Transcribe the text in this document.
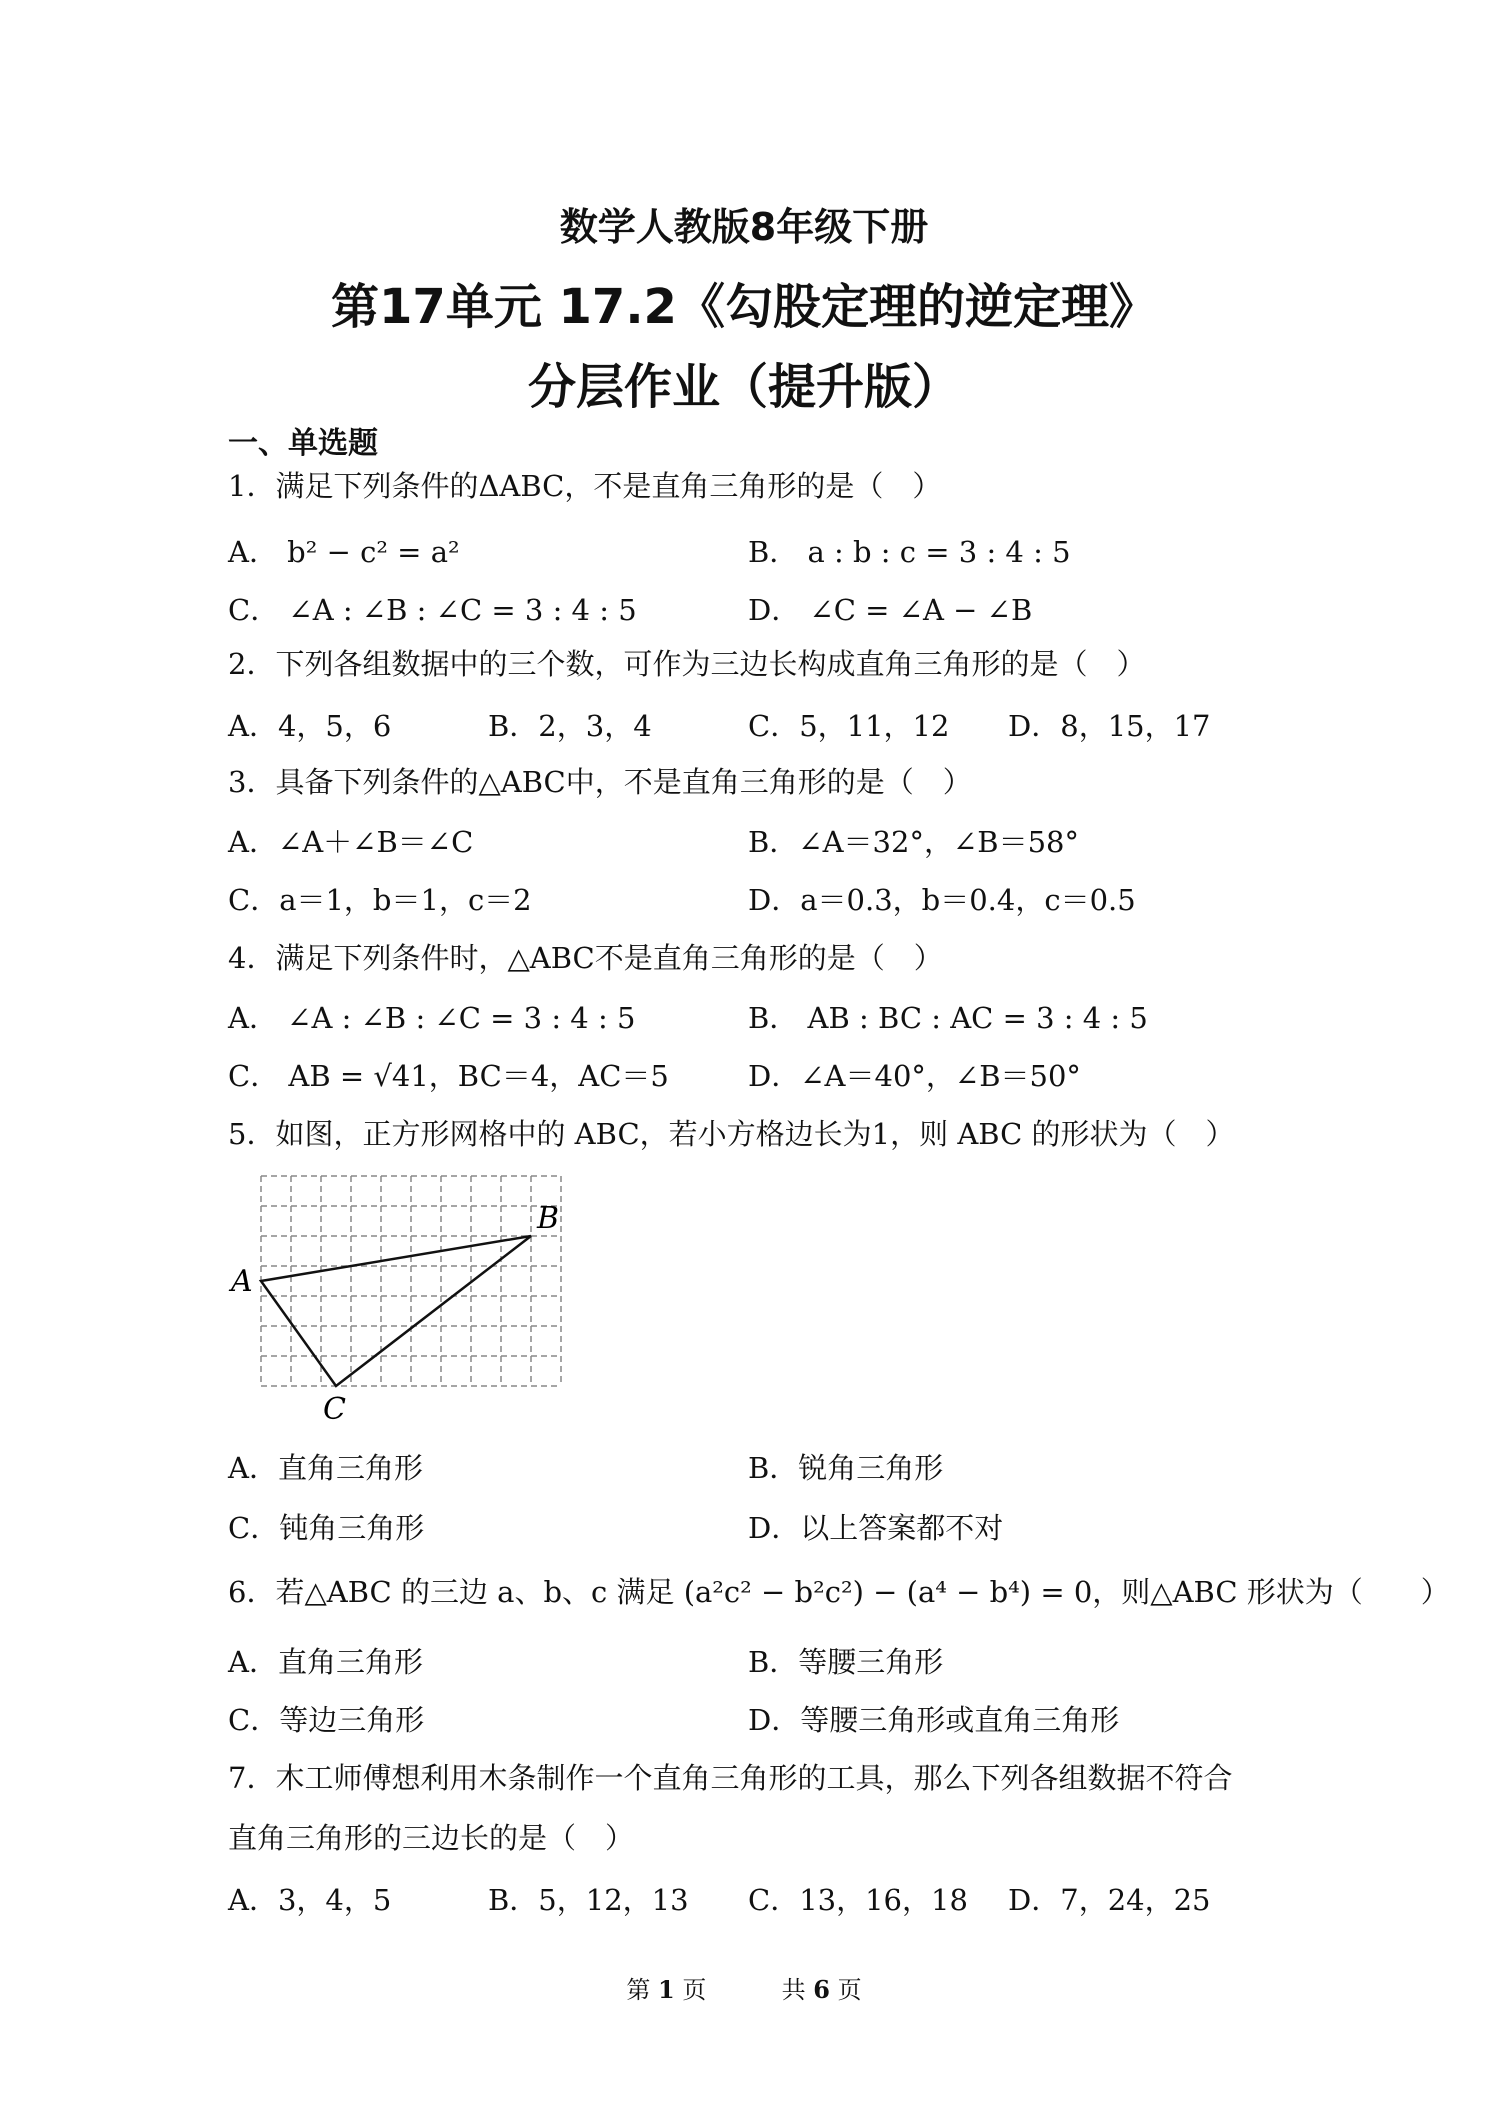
数学人教版8年级下册
第17单元 17.2《勾股定理的逆定理》
分层作业（提升版）
一、单选题
1．满足下列条件的ΔABC，不是直角三角形的是（　）
A． b² − c² = a²	B． a : b : c = 3 : 4 : 5
C． ∠A : ∠B : ∠C = 3 : 4 : 5	D． ∠C = ∠A − ∠B
2．下列各组数据中的三个数，可作为三边长构成直角三角形的是（　）
A．4，5，6	B．2，3，4	C．5，11，12 D．8，15，17
3．具备下列条件的△ABC中，不是直角三角形的是（　）
A．∠A＋∠B＝∠C	B．∠A＝32°，∠B＝58°
C．a＝1，b＝1，c＝2	D．a＝0.3，b＝0.4，c＝0.5
4．满足下列条件时，△ABC不是直角三角形的是（　）
A． ∠A : ∠B : ∠C = 3 : 4 : 5	B． AB : BC : AC = 3 : 4 : 5
C． AB = √41，BC＝4，AC＝5	D．∠A＝40°，∠B＝50°
5．如图，正方形网格中的 ABC，若小方格边长为1，则 ABC 的形状为（　）
A
B
C
A．直角三角形	B．锐角三角形
C．钝角三角形	D．以上答案都不对
6．若△ABC 的三边 a、b、c 满足 (a²c² − b²c²) − (a⁴ − b⁴) = 0，则△ABC 形状为（　　）
A．直角三角形	B．等腰三角形
C．等边三角形	D．等腰三角形或直角三角形
7．木工师傅想利用木条制作一个直角三角形的工具，那么下列各组数据不符合
直角三角形的三边长的是（　）
A．3，4，5	B．5，12，13 C．13，16，18 D．7，24，25
第 1 页	共 6 页
